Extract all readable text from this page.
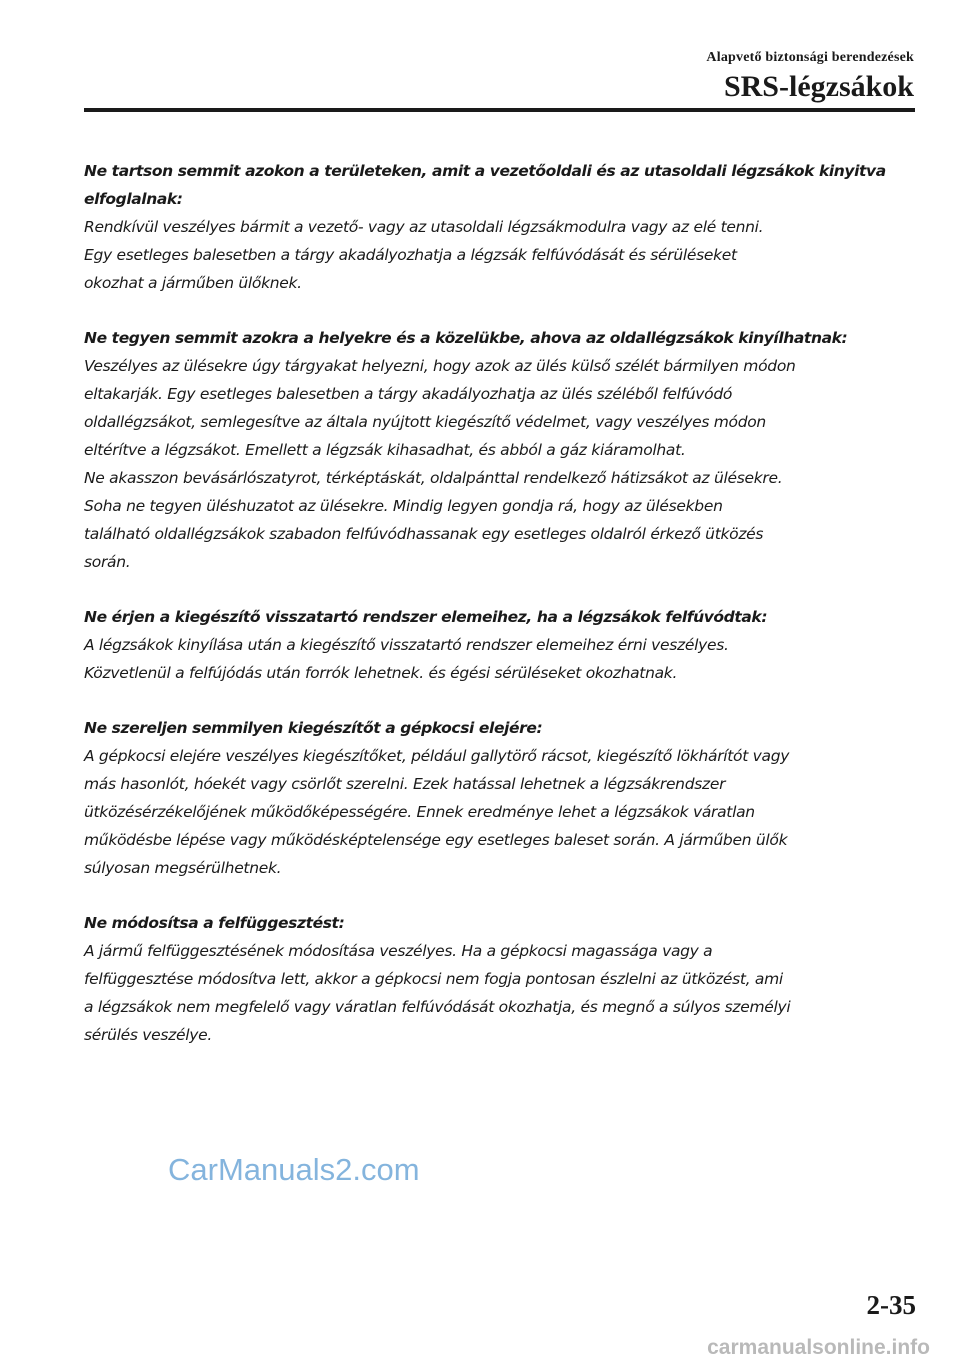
Alapvető biztonsági berendezések
SRS-légzsákok

Ne tartson semmit azokon a területeken, amit a vezetőoldali és az utasoldali légzsákok kinyitva elfoglalnak:

Rendkívül veszélyes bármit a vezető- vagy az utasoldali légzsákmodulra vagy az elé tenni.
Egy esetleges balesetben a tárgy akadályozhatja a légzsák felfúvódását és sérüléseket
okozhat a járműben ülőknek.

Ne tegyen semmit azokra a helyekre és a közelükbe, ahova az oldallégzsákok kinyílhatnak:

Veszélyes az ülésekre úgy tárgyakat helyezni, hogy azok az ülés külső szélét bármilyen módon
eltakarják. Egy esetleges balesetben a tárgy akadályozhatja az ülés széléből felfúvódó
oldallégzsákot, semlegesítve az általa nyújtott kiegészítő védelmet, vagy veszélyes módon
eltérítve a légzsákot. Emellett a légzsák kihasadhat, és abból a gáz kiáramolhat.
Ne akasszon bevásárlószatyrot, térképtáskát, oldalpánttal rendelkező hátizsákot az ülésekre.
Soha ne tegyen üléshuzatot az ülésekre. Mindig legyen gondja rá, hogy az ülésekben
található oldallégzsákok szabadon felfúvódhassanak egy esetleges oldalról érkező ütközés
során.

Ne érjen a kiegészítő visszatartó rendszer elemeihez, ha a légzsákok felfúvódtak:

A légzsákok kinyílása után a kiegészítő visszatartó rendszer elemeihez érni veszélyes.
Közvetlenül a felfújódás után forrók lehetnek. és égési sérüléseket okozhatnak.

Ne szereljen semmilyen kiegészítőt a gépkocsi elejére:

A gépkocsi elejére veszélyes kiegészítőket, például gallytörő rácsot, kiegészítő lökhárítót vagy
más hasonlót, hóekét vagy csörlőt szerelni. Ezek hatással lehetnek a légzsákrendszer
ütközésérzékelőjének működőképességére. Ennek eredménye lehet a légzsákok váratlan
működésbe lépése vagy működésképtelensége egy esetleges baleset során. A járműben ülők
súlyosan megsérülhetnek.

Ne módosítsa a felfüggesztést:

A jármű felfüggesztésének módosítása veszélyes. Ha a gépkocsi magassága vagy a
felfüggesztése módosítva lett, akkor a gépkocsi nem fogja pontosan észlelni az ütközést, ami
a légzsákok nem megfelelő vagy váratlan felfúvódását okozhatja, és megnő a súlyos személyi
sérülés veszélye.

CarManuals2.com
2-35
carmanualsonline.info
